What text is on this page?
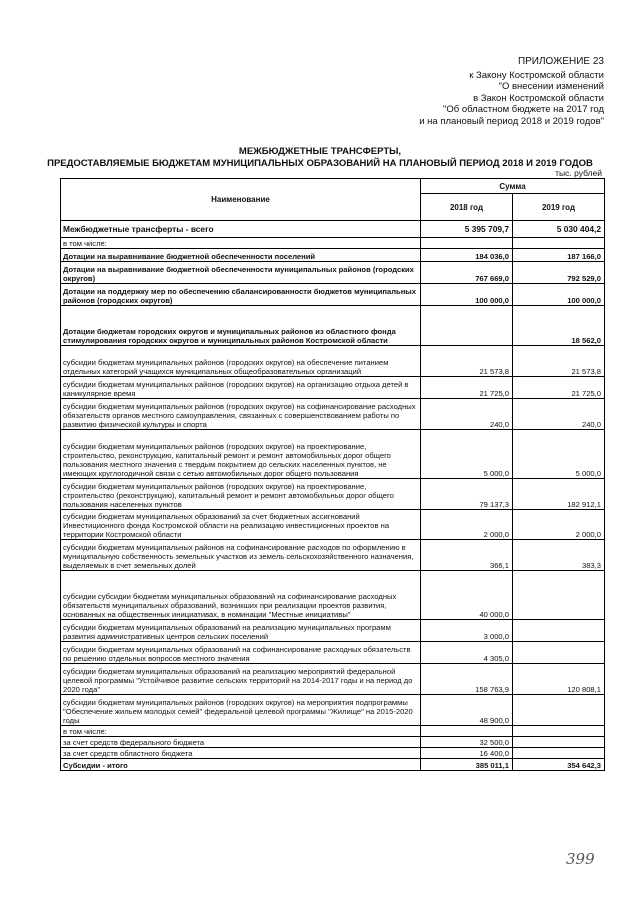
ПРИЛОЖЕНИЕ 23
к Закону Костромской области
"О внесении изменений
в Закон Костромской области
"Об областном бюджете на 2017 год
и на плановый период 2018 и 2019 годов"
МЕЖБЮДЖЕТНЫЕ ТРАНСФЕРТЫ,
ПРЕДОСТАВЛЯЕМЫЕ БЮДЖЕТАМ МУНИЦИПАЛЬНЫХ ОБРАЗОВАНИЙ НА ПЛАНОВЫЙ ПЕРИОД 2018 И 2019 ГОДОВ
тыс. рублей
Наименование	Сумма	
	2018 год	2019 год
Межбюджетные трансферты - всего	5 395 709,7	5 030 404,2
в том числе:		
Дотации на выравнивание бюджетной обеспеченности поселений	184 036,0	187 166,0
Дотации на выравнивание бюджетной обеспеченности муниципальных районов (городских округов)	767 669,0	792 529,0
Дотации на поддержку мер по обеспечению сбалансированности бюджетов муниципальных районов (городских округов)	100 000,0	100 000,0
Дотации бюджетам городских округов и муниципальных районов из областного фонда стимулирования городских округов и муниципальных районов Костромской области		18 562,0
субсидии бюджетам муниципальных районов (городских округов) на обеспечение питанием отдельных категорий учащихся муниципальных общеобразовательных организаций	21 573,8	21 573,8
субсидии бюджетам муниципальных районов (городских округов) на организацию отдыха детей в каникулярное время	21 725,0	21 725,0
субсидии бюджетам муниципальных районов (городских округов) на софинансирование расходных обязательств органов местного самоуправления, связанных с совершенствованием работы по развитию физической культуры и спорта	240,0	240,0
субсидии бюджетам муниципальных районов (городских округов) на проектирование, строительство, реконструкцию, капитальный ремонт и ремонт автомобильных дорог общего пользования местного значения с твердым покрытием до сельских населенных пунктов, не имеющих круглогодичной связи с сетью автомобильных дорог общего пользования	5 000,0	5 000,0
субсидии бюджетам муниципальных районов (городских округов) на проектирование, строительство (реконструкцию), капитальный ремонт и ремонт автомобильных дорог общего пользования населенных пунктов	79 137,3	182 912,1
субсидии бюджетам муниципальных образований за счет бюджетных ассигнований Инвестиционного фонда Костромской области на реализацию инвестиционных проектов на территории Костромской области	2 000,0	2 000,0
субсидии бюджетам муниципальных районов на софинансирование расходов по оформлению в муниципальную собственность земельных участков из земель сельскохозяйственного назначения, выделяемых в счет земельных долей	366,1	383,3
субсидии субсидии бюджетам муниципальных образований на софинансирование расходных обязательств муниципальных образований, возникших при реализации проектов развития, основанных на общественных инициативах, в номинации "Местные инициативы"	40 000,0	
субсидии бюджетам муниципальных образований на реализацию муниципальных программ развития административных центров сельских поселений	3 000,0	
субсидии бюджетам муниципальных образований на софинансирование расходных обязательств по решению отдельных вопросов местного значения	4 305,0	
субсидии бюджетам муниципальных образований на реализацию мероприятий федеральной целевой программы "Устойчивое развитие сельских территорий на 2014-2017 годы и на период до 2020 года"	158 763,9	120 808,1
субсидии бюджетам муниципальных районов (городских округов) на мероприятия подпрограммы "Обеспечение жильем молодых семей" федеральной целевой программы "Жилище" на 2015-2020 годы	48 900,0	
в том числе:		
за счет средств федерального бюджета	32 500,0	
за счет средств областного бюджета	16 400,0	
Субсидии - итого	385 011,1	354 642,3
399
